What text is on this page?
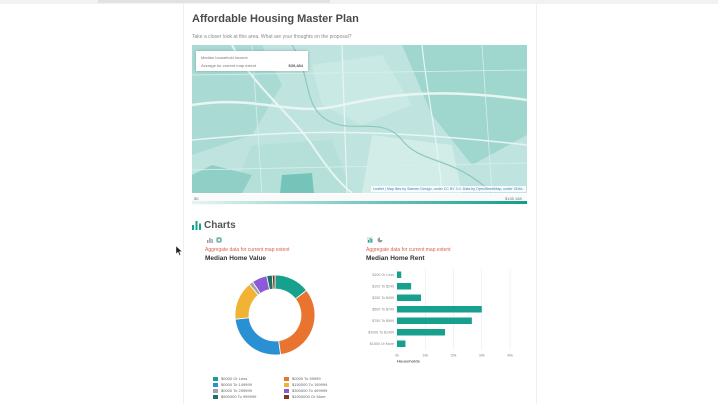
Affordable Housing Master Plan
Take a closer look at this area. What are your thoughts on the proposal?
Leaflet | Map tiles by Stamen Design, under CC BY 3.0. Data by OpenStreetMap, under ODbL.
Median household income
Average for current map extent	$39,484
$0	$155,188
Charts
Aggregate data for current map extent
Median Home Value
$0000 Or Less	$0000 To 99999
$0000 To 149999	$150000 To 199999
$0000 To 299999	$300000 To 499999
$500000 To 999999	$1000000 Or More
Aggregate data for current map extent
Median Home Rent
0k	10k	20k	30k	40k
$100 Or Less
$100 To $249
$250 To $499
$500 To $749
$750 To $999
$1000 To $1499
$1500 Or More
Households
